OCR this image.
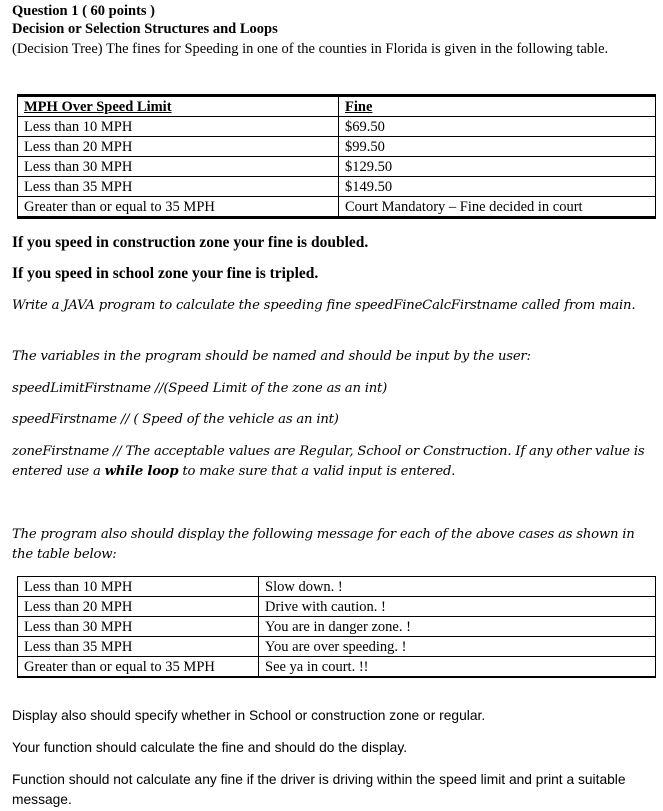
Question 1 ( 60 points )

Decision or Selection Structures and Loops

(Decision Tree) The fines for Speeding in one of the counties in Florida is given in the following table.

MPH Over Speed Limit	Fine
Less than 10 MPH	$69.50
Less than 20 MPH	$99.50
Less than 30 MPH	$129.50
Less than 35 MPH	$149.50
Greater than or equal to 35 MPH	Court Mandatory – Fine decided in court

If you speed in construction zone your fine is doubled.

If you speed in school zone your fine is tripled.

Write a JAVA program to calculate the speeding fine speedFineCalcFirstname called from main.

The variables in the program should be named and should be input by the user:

speedLimitFirstname //(Speed Limit of the zone as an int)

speedFirstname // ( Speed of the vehicle as an int)

zoneFirstname // The acceptable values are Regular, School or Construction. If any other value is entered use a while loop to make sure that a valid input is entered.

The program also should display the following message for each of the above cases as shown in the table below:

Less than 10 MPH	Slow down. !
Less than 20 MPH	Drive with caution. !
Less than 30 MPH	You are in danger zone. !
Less than 35 MPH	You are over speeding. !
Greater than or equal to 35 MPH	See ya in court. !!

Display also should specify whether in School or construction zone or regular.

Your function should calculate the fine and should do the display.

Function should not calculate any fine if the driver is driving within the speed limit and print a suitable message.
